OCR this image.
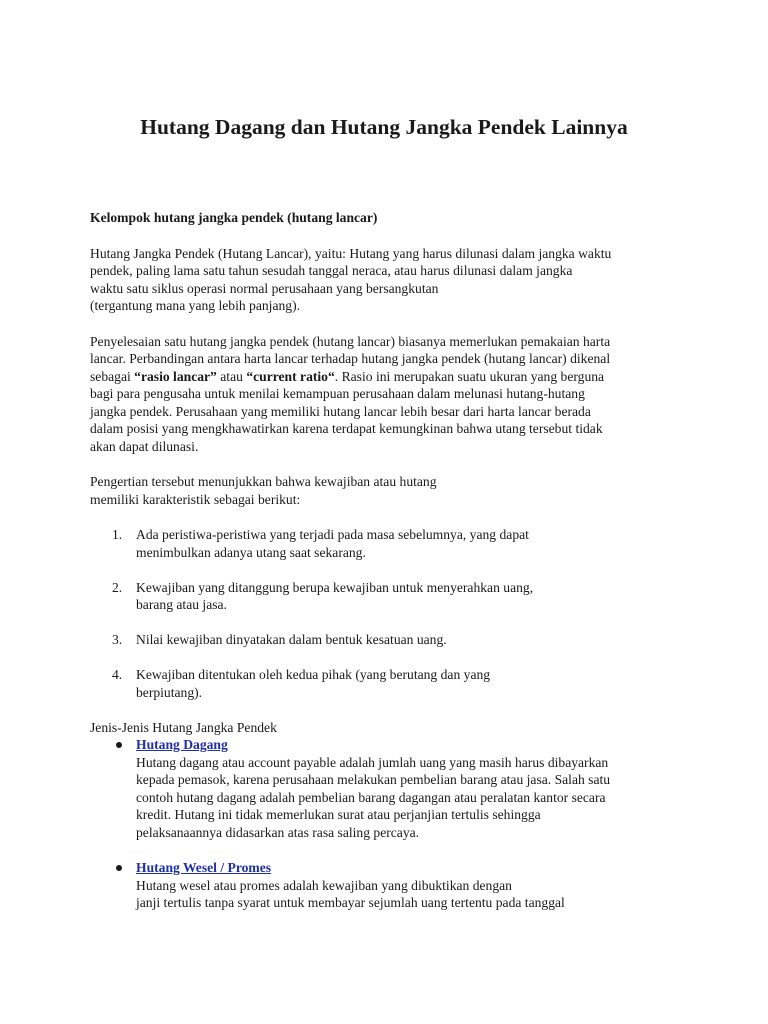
Hutang Dagang dan Hutang Jangka Pendek Lainnya

Kelompok hutang jangka pendek (hutang lancar)

Hutang Jangka Pendek (Hutang Lancar), yaitu: Hutang yang harus dilunasi dalam jangka waktu
pendek, paling lama satu tahun sesudah tanggal neraca, atau harus dilunasi dalam jangka
waktu satu siklus operasi normal perusahaan yang bersangkutan
(tergantung mana yang lebih panjang).

Penyelesaian satu hutang jangka pendek (hutang lancar) biasanya memerlukan pemakaian harta
lancar. Perbandingan antara harta lancar terhadap hutang jangka pendek (hutang lancar) dikenal
sebagai “rasio lancar” atau “current ratio“. Rasio ini merupakan suatu ukuran yang berguna
bagi para pengusaha untuk menilai kemampuan perusahaan dalam melunasi hutang-hutang
jangka pendek. Perusahaan yang memiliki hutang lancar lebih besar dari harta lancar berada
dalam posisi yang mengkhawatirkan karena terdapat kemungkinan bahwa utang tersebut tidak
akan dapat dilunasi.

Pengertian tersebut menunjukkan bahwa kewajiban atau hutang
memiliki karakteristik sebagai berikut:

1. Ada peristiwa-peristiwa yang terjadi pada masa sebelumnya, yang dapat
menimbulkan adanya utang saat sekarang.
2. Kewajiban yang ditanggung berupa kewajiban untuk menyerahkan uang,
barang atau jasa.
3. Nilai kewajiban dinyatakan dalam bentuk kesatuan uang.
4. Kewajiban ditentukan oleh kedua pihak (yang berutang dan yang
berpiutang).

Jenis-Jenis Hutang Jangka Pendek

Hutang Dagang
Hutang dagang atau account payable adalah jumlah uang yang masih harus dibayarkan
kepada pemasok, karena perusahaan melakukan pembelian barang atau jasa. Salah satu
contoh hutang dagang adalah pembelian barang dagangan atau peralatan kantor secara
kredit. Hutang ini tidak memerlukan surat atau perjanjian tertulis sehingga
pelaksanaannya didasarkan atas rasa saling percaya.
Hutang Wesel / Promes
Hutang wesel atau promes adalah kewajiban yang dibuktikan dengan
janji tertulis tanpa syarat untuk membayar sejumlah uang tertentu pada tanggal
